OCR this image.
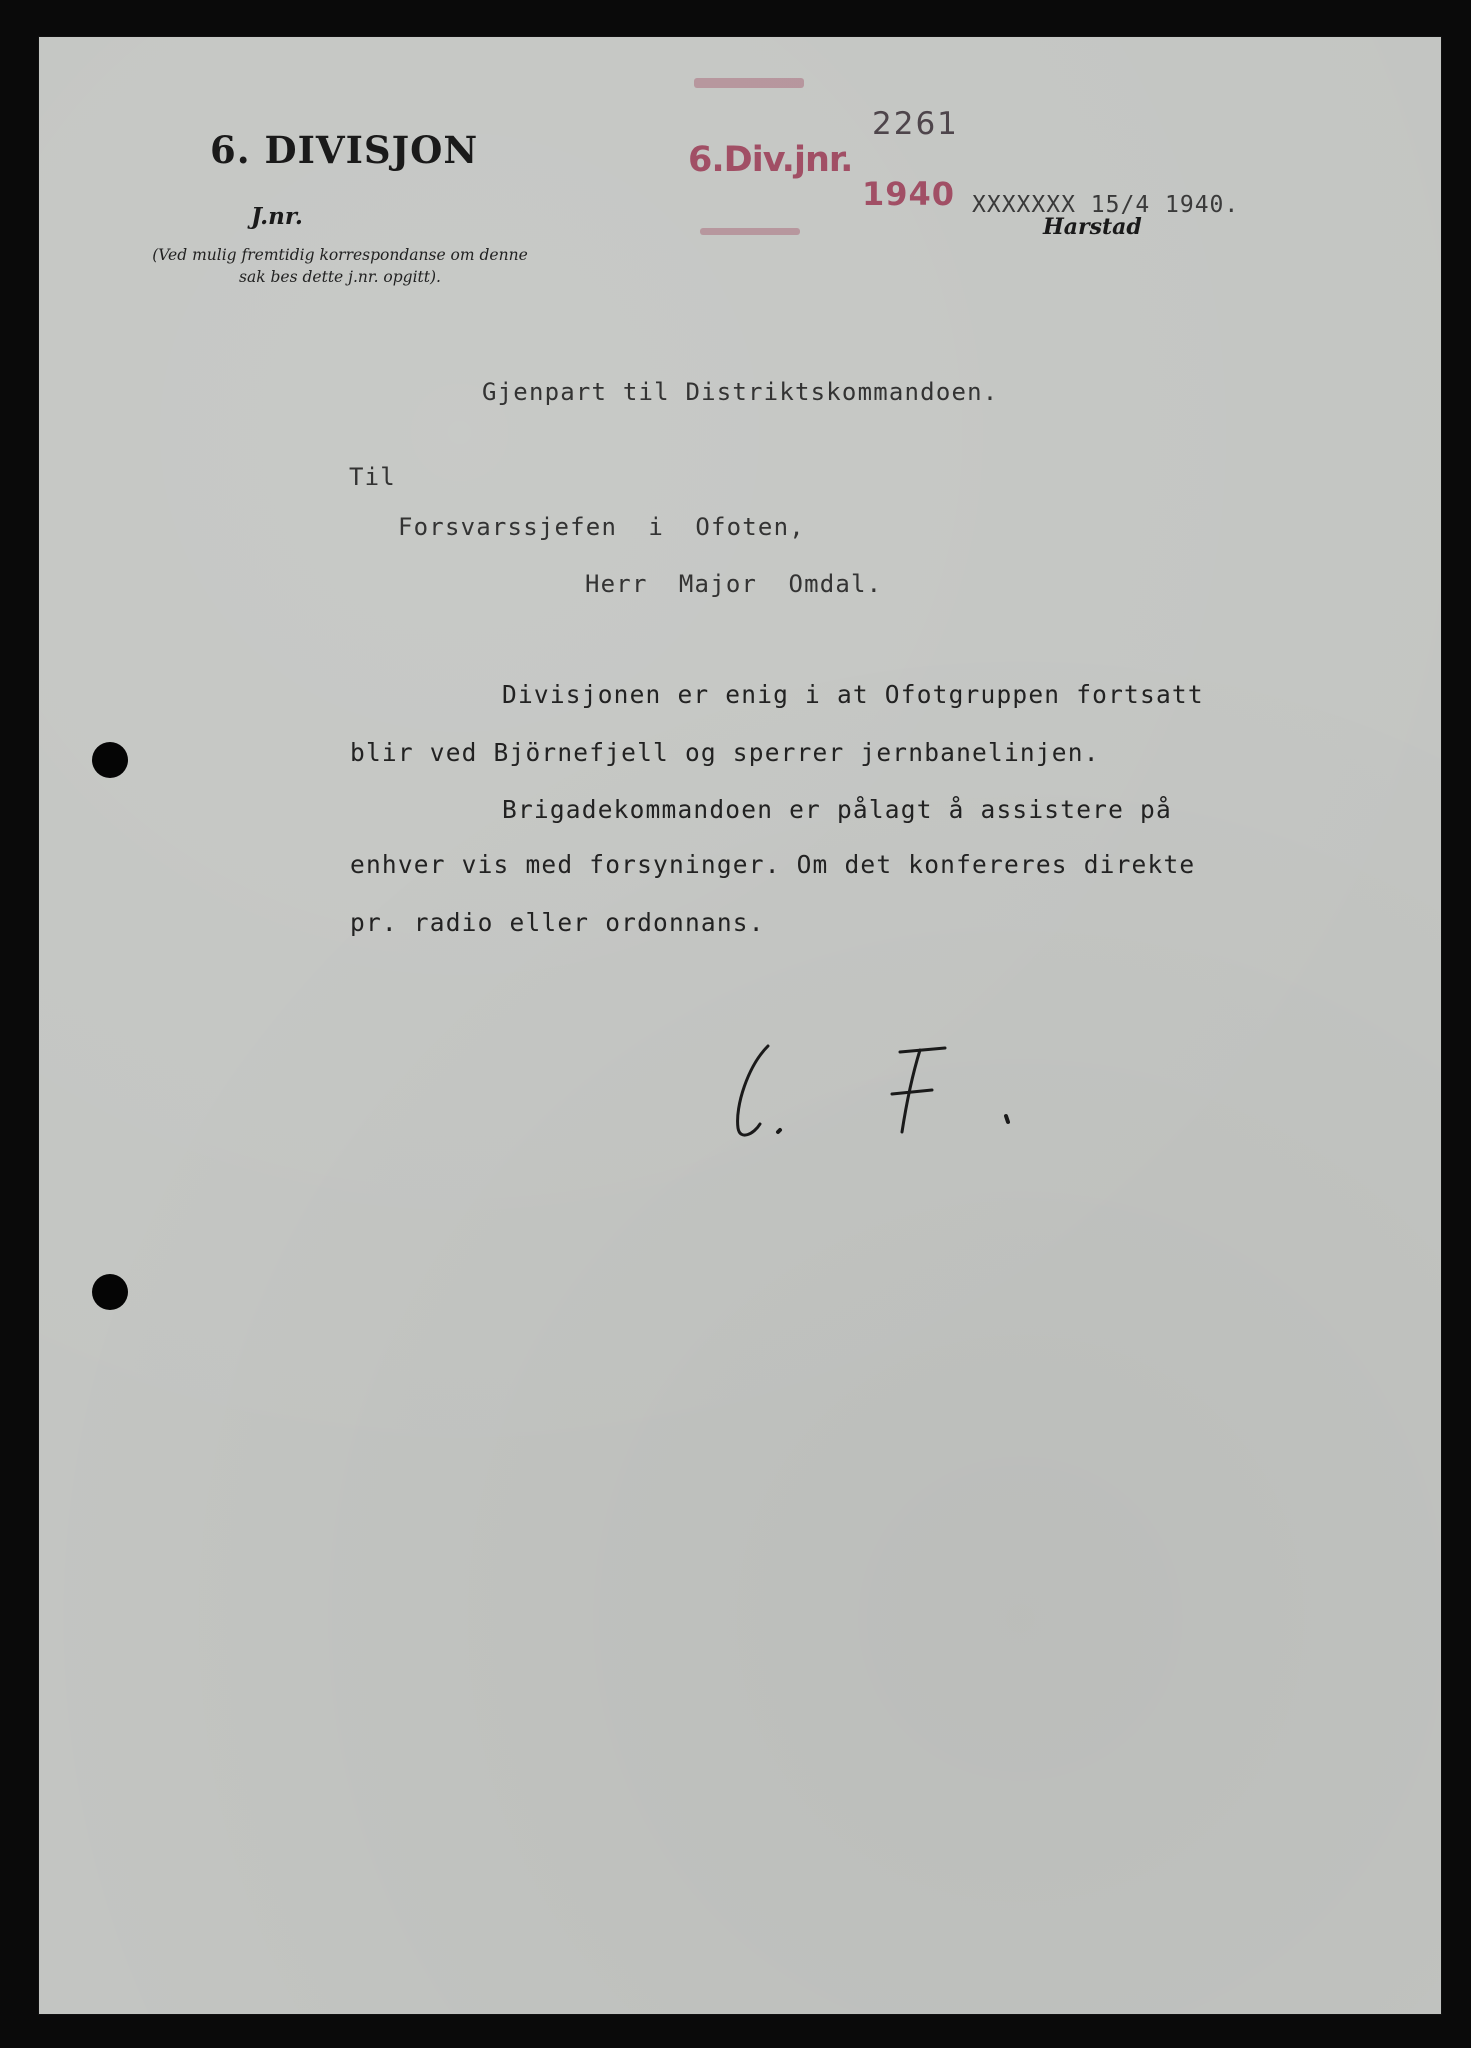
6. DIVISJON
J.nr.
(Ved mulig fremtidig korrespondanse om denne sak bes dette j.nr. opgitt).
6.Div.jnr.
2261
1940 XXXXXXX 15/4 1940.
Harstad
Gjenpart til Distriktskommandoen.
Til
Forsvarssjefen  i  Ofoten,
Herr  Major  Omdal.
Divisjonen er enig i at Ofotgruppen fortsatt
blir ved Björnefjell og sperrer jernbanelinjen.
Brigadekommandoen er pålagt å assistere på
enhver vis med forsyninger. Om det konfereres direkte
pr. radio eller ordonnans.
